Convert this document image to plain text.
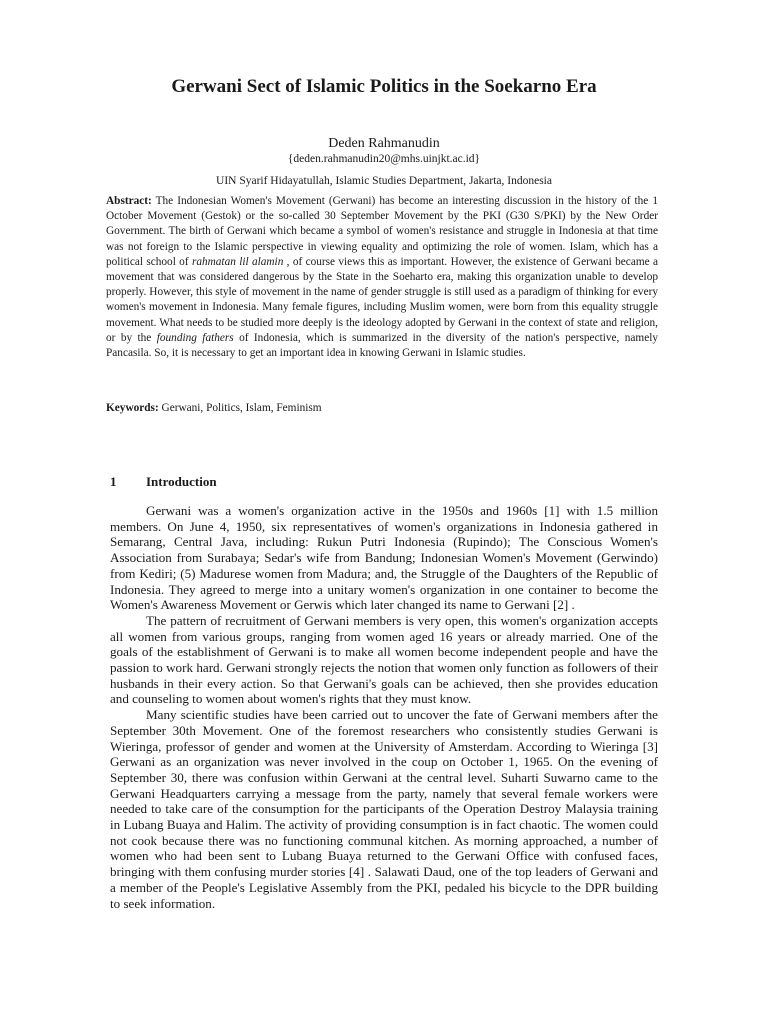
Gerwani Sect of Islamic Politics in the Soekarno Era
Deden Rahmanudin
{deden.rahmanudin20@mhs.uinjkt.ac.id}
UIN Syarif Hidayatullah, Islamic Studies Department, Jakarta, Indonesia

Abstract: The Indonesian Women's Movement (Gerwani) has become an interesting discussion in the history of the 1 October Movement (Gestok) or the so-called 30 September Movement by the PKI (G30 S/PKI) by the New Order Government. The birth of Gerwani which became a symbol of women's resistance and struggle in Indonesia at that time was not foreign to the Islamic perspective in viewing equality and optimizing the role of women. Islam, which has a political school of rahmatan lil alamin , of course views this as important. However, the existence of Gerwani became a movement that was considered dangerous by the State in the Soeharto era, making this organization unable to develop properly. However, this style of movement in the name of gender struggle is still used as a paradigm of thinking for every women's movement in Indonesia. Many female figures, including Muslim women, were born from this equality struggle movement. What needs to be studied more deeply is the ideology adopted by Gerwani in the context of state and religion, or by the founding fathers of Indonesia, which is summarized in the diversity of the nation's perspective, namely Pancasila. So, it is necessary to get an important idea in knowing Gerwani in Islamic studies.

Keywords: Gerwani, Politics, Islam, Feminism

1 Introduction

Gerwani was a women's organization active in the 1950s and 1960s [1] with 1.5 million members. On June 4, 1950, six representatives of women's organizations in Indonesia gathered in Semarang, Central Java, including: Rukun Putri Indonesia (Rupindo); The Conscious Women's Association from Surabaya; Sedar's wife from Bandung; Indonesian Women's Movement (Gerwindo) from Kediri; (5) Madurese women from Madura; and, the Struggle of the Daughters of the Republic of Indonesia. They agreed to merge into a unitary women's organization in one container to become the Women's Awareness Movement or Gerwis which later changed its name to Gerwani [2] .

The pattern of recruitment of Gerwani members is very open, this women's organization accepts all women from various groups, ranging from women aged 16 years or already married. One of the goals of the establishment of Gerwani is to make all women become independent people and have the passion to work hard. Gerwani strongly rejects the notion that women only function as followers of their husbands in their every action. So that Gerwani's goals can be achieved, then she provides education and counseling to women about women's rights that they must know.

Many scientific studies have been carried out to uncover the fate of Gerwani members after the September 30th Movement. One of the foremost researchers who consistently studies Gerwani is Wieringa, professor of gender and women at the University of Amsterdam. According to Wieringa [3] Gerwani as an organization was never involved in the coup on October 1, 1965. On the evening of September 30, there was confusion within Gerwani at the central level. Suharti Suwarno came to the Gerwani Headquarters carrying a message from the party, namely that several female workers were needed to take care of the consumption for the participants of the Operation Destroy Malaysia training in Lubang Buaya and Halim. The activity of providing consumption is in fact chaotic. The women could not cook because there was no functioning communal kitchen. As morning approached, a number of women who had been sent to Lubang Buaya returned to the Gerwani Office with confused faces, bringing with them confusing murder stories [4] . Salawati Daud, one of the top leaders of Gerwani and a member of the People's Legislative Assembly from the PKI, pedaled his bicycle to the DPR building to seek information.
